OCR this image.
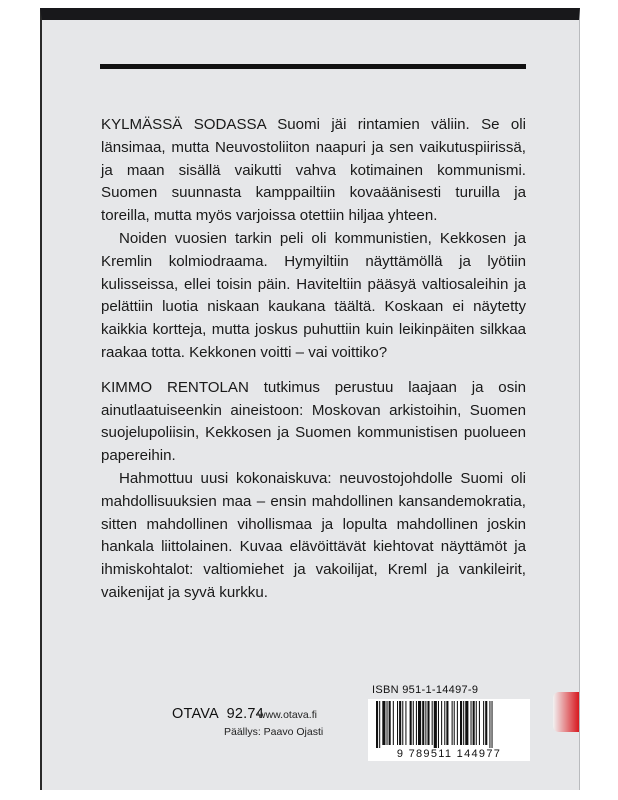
KYLMÄSSÄ SODASSA Suomi jäi rintamien väliin. Se oli länsimaa, mutta Neuvostoliiton naapuri ja sen vaikutuspiirissä, ja maan sisällä vaikutti vahva kotimainen kommunismi. Suomen suunnasta kamppailtiin kovaäänisesti turuilla ja toreilla, mutta myös varjoissa otettiin hiljaa yhteen.

Noiden vuosien tarkin peli oli kommunistien, Kekkosen ja Kremlin kolmiodraama. Hymyiltiin näyttämöllä ja lyötiin kulisseissa, ellei toisin päin. Haviteltiin pääsyä valtiosaleihin ja pelättiin luotia niskaan kaukana täältä. Koskaan ei näytetty kaikkia kortteja, mutta joskus puhuttiin kuin leikinpäiten silkkaa raakaa totta. Kekkonen voitti – vai voittiko?

KIMMO RENTOLAN tutkimus perustuu laajaan ja osin ainutlaatuiseenkin aineistoon: Moskovan arkistoihin, Suomen suojelupoliisin, Kekkosen ja Suomen kommunistisen puolueen papereihin.

Hahmottuu uusi kokonaiskuva: neuvostojohdolle Suomi oli mahdollisuuksien maa – ensin mahdollinen kansandemokratia, sitten mahdollinen vihollismaa ja lopulta mahdollinen joskin hankala liittolainen. Kuvaa elävöittävät kiehtovat näyttämöt ja ihmiskohtalot: valtiomiehet ja vakoilijat, Kreml ja vankileirit, vaikenijat ja syvä kurkku.

OTAVA  92.74
www.otava.fi
Päällys: Paavo Ojasti
ISBN 951-1-14497-9
9 789511 144977
